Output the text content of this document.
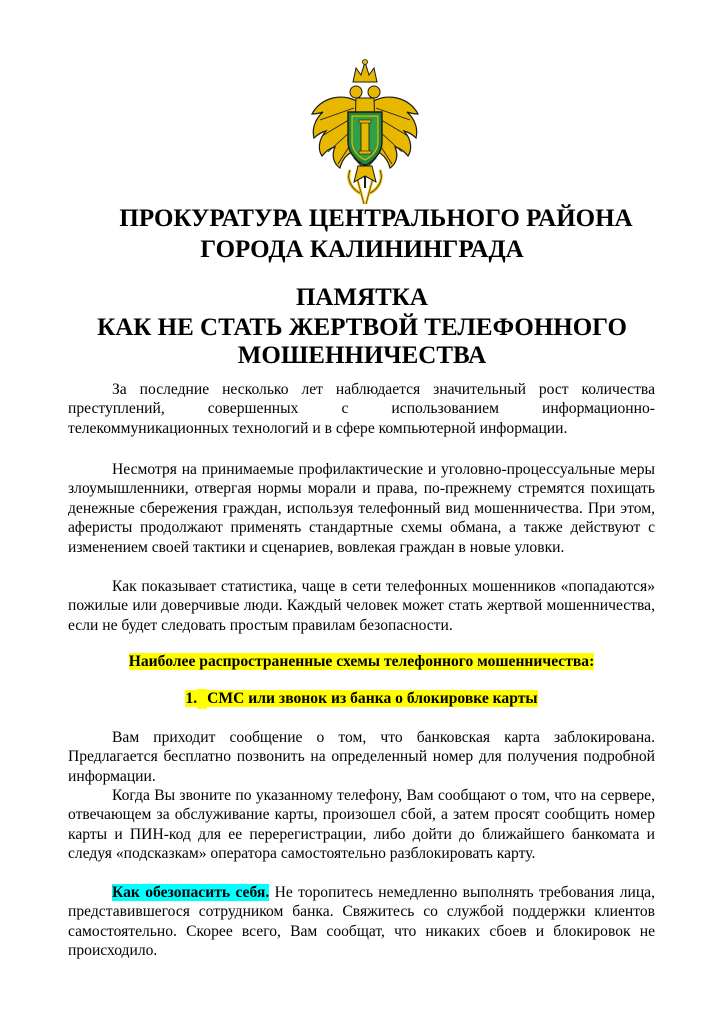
ПРОКУРАТУРА ЦЕНТРАЛЬНОГО РАЙОНА

ГОРОДА КАЛИНИНГРАДА

ПАМЯТКА

КАК НЕ СТАТЬ ЖЕРТВОЙ ТЕЛЕФОННОГО

МОШЕННИЧЕСТВА

За последние несколько лет наблюдается значительный рост количества преступлений, совершенных с использованием информационно-телекоммуникационных технологий и в сфере компьютерной информации.

Несмотря на принимаемые профилактические и уголовно-процессуальные меры злоумышленники, отвергая нормы морали и права, по-прежнему стремятся похищать денежные сбережения граждан, используя телефонный вид мошенничества. При этом, аферисты продолжают применять стандартные схемы обмана, а также действуют с изменением своей тактики и сценариев, вовлекая граждан в новые уловки.

Как показывает статистика, чаще в сети телефонных мошенников «попадаются» пожилые или доверчивые люди. Каждый человек может стать жертвой мошенничества, если не будет следовать простым правилам безопасности.

Наиболее распространенные схемы телефонного мошенничества:

1. СМС или звонок из банка о блокировке карты

Вам приходит сообщение о том, что банковская карта заблокирована. Предлагается бесплатно позвонить на определенный номер для получения подробной информации.

Когда Вы звоните по указанному телефону, Вам сообщают о том, что на сервере, отвечающем за обслуживание карты, произошел сбой, а затем просят сообщить номер карты и ПИН-код для ее перерегистрации, либо дойти до ближайшего банкомата и следуя «подсказкам» оператора самостоятельно разблокировать карту.

Как обезопасить себя. Не торопитесь немедленно выполнять требования лица, представившегося сотрудником банка. Свяжитесь со службой поддержки клиентов самостоятельно. Скорее всего, Вам сообщат, что никаких сбоев и блокировок не происходило.
